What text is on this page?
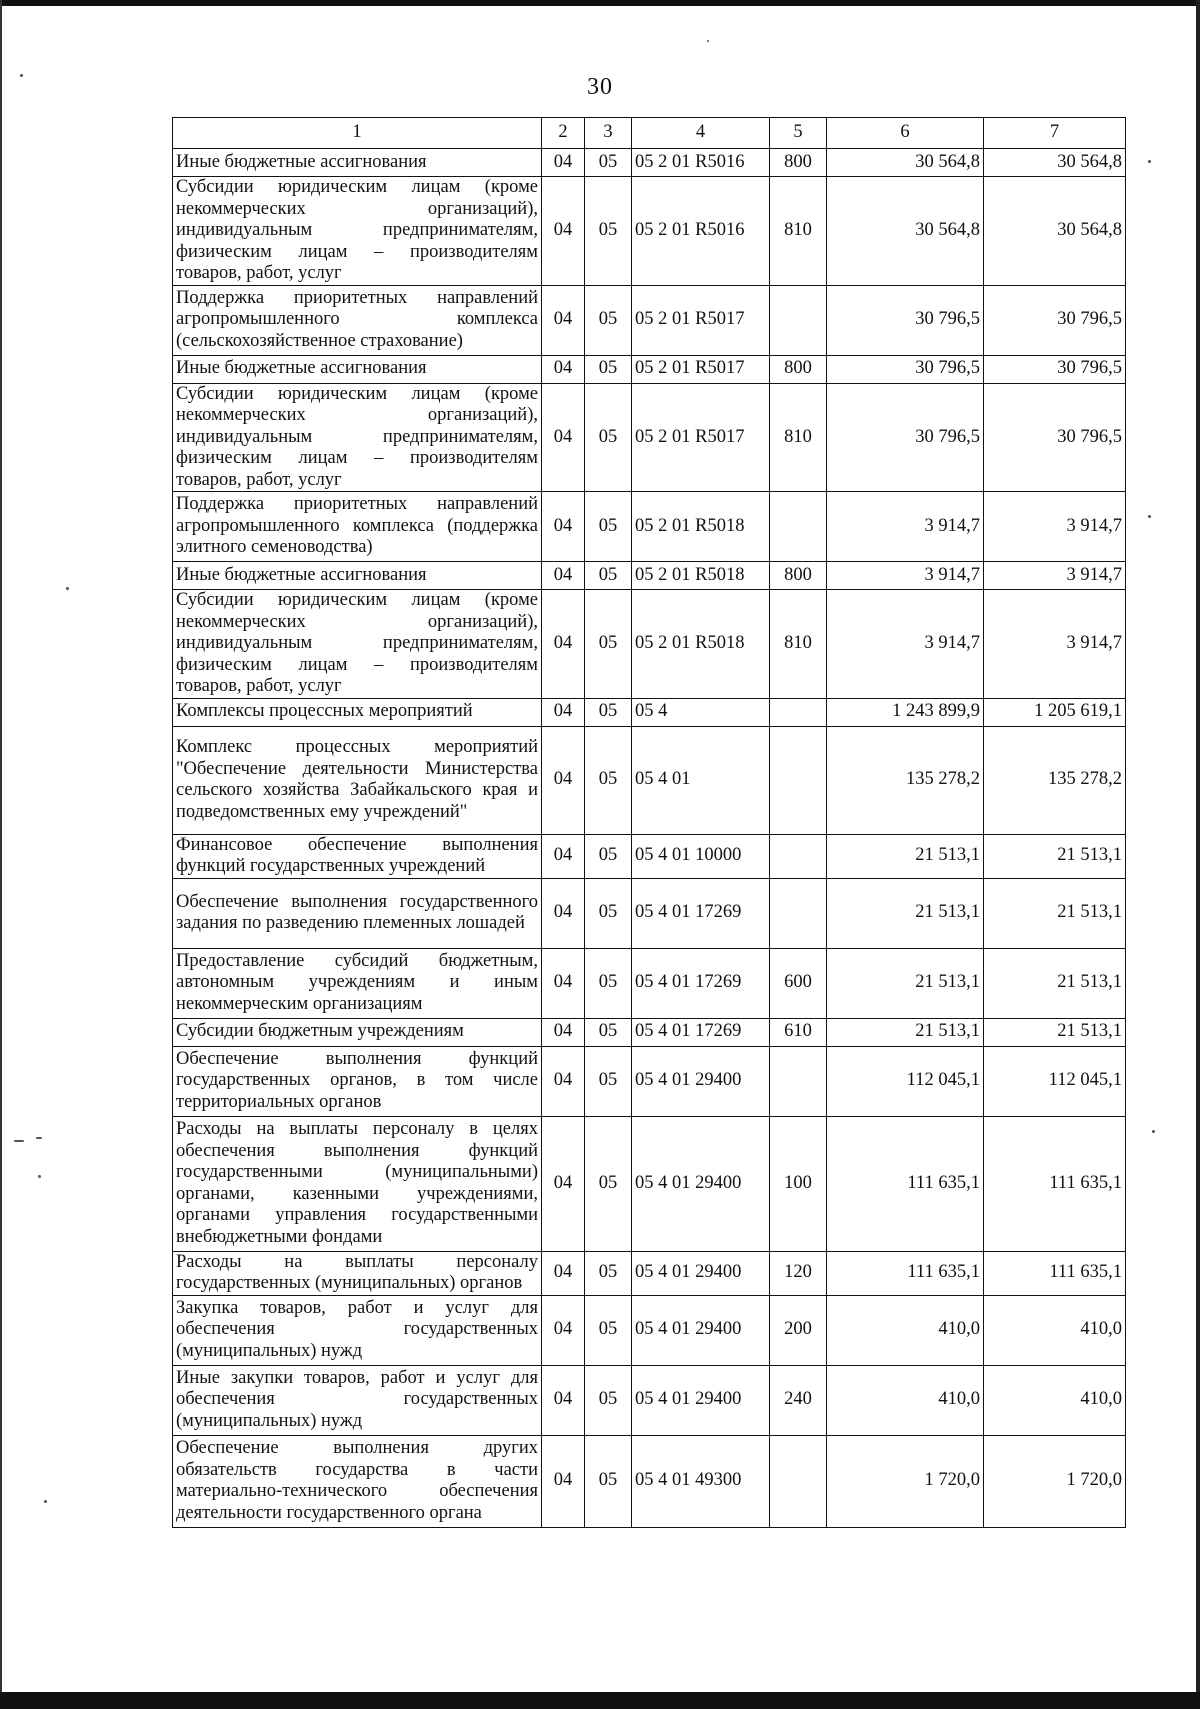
30
1	2	3	4	5	6	7
Иные бюджетные ассигнования	04	05	05 2 01 R5016	800	30 564,8	30 564,8
Субсидии юридическим лицам (кроме некоммерческих организаций), индивидуальным предпринимателям, физическим лицам – производителям товаров, работ, услуг	04	05	05 2 01 R5016	810	30 564,8	30 564,8
Поддержка приоритетных направлений агропромышленного комплекса (сельскохозяйственное страхование)	04	05	05 2 01 R5017		30 796,5	30 796,5
Иные бюджетные ассигнования	04	05	05 2 01 R5017	800	30 796,5	30 796,5
Субсидии юридическим лицам (кроме некоммерческих организаций), индивидуальным предпринимателям, физическим лицам – производителям товаров, работ, услуг	04	05	05 2 01 R5017	810	30 796,5	30 796,5
Поддержка приоритетных направлений агропромышленного комплекса (поддержка элитного семеноводства)	04	05	05 2 01 R5018		3 914,7	3 914,7
Иные бюджетные ассигнования	04	05	05 2 01 R5018	800	3 914,7	3 914,7
Субсидии юридическим лицам (кроме некоммерческих организаций), индивидуальным предпринимателям, физическим лицам – производителям товаров, работ, услуг	04	05	05 2 01 R5018	810	3 914,7	3 914,7
Комплексы процессных мероприятий	04	05	05 4		1 243 899,9	1 205 619,1
Комплекс процессных мероприятий "Обеспечение деятельности Министерства сельского хозяйства Забайкальского края и подведомственных ему учреждений"	04	05	05 4 01		135 278,2	135 278,2
Финансовое обеспечение выполнения функций государственных учреждений	04	05	05 4 01 10000		21 513,1	21 513,1
Обеспечение выполнения государственного задания по разведению племенных лошадей	04	05	05 4 01 17269		21 513,1	21 513,1
Предоставление субсидий бюджетным, автономным учреждениям и иным некоммерческим организациям	04	05	05 4 01 17269	600	21 513,1	21 513,1
Субсидии бюджетным учреждениям	04	05	05 4 01 17269	610	21 513,1	21 513,1
Обеспечение выполнения функций государственных органов, в том числе территориальных органов	04	05	05 4 01 29400		112 045,1	112 045,1
Расходы на выплаты персоналу в целях обеспечения выполнения функций государственными (муниципальными) органами, казенными учреждениями, органами управления государственными внебюджетными фондами	04	05	05 4 01 29400	100	111 635,1	111 635,1
Расходы на выплаты персоналу государственных (муниципальных) органов	04	05	05 4 01 29400	120	111 635,1	111 635,1
Закупка товаров, работ и услуг для обеспечения государственных (муниципальных) нужд	04	05	05 4 01 29400	200	410,0	410,0
Иные закупки товаров, работ и услуг для обеспечения государственных (муниципальных) нужд	04	05	05 4 01 29400	240	410,0	410,0
Обеспечение выполнения других обязательств государства в части материально-технического обеспечения деятельности государственного органа	04	05	05 4 01 49300		1 720,0	1 720,0
